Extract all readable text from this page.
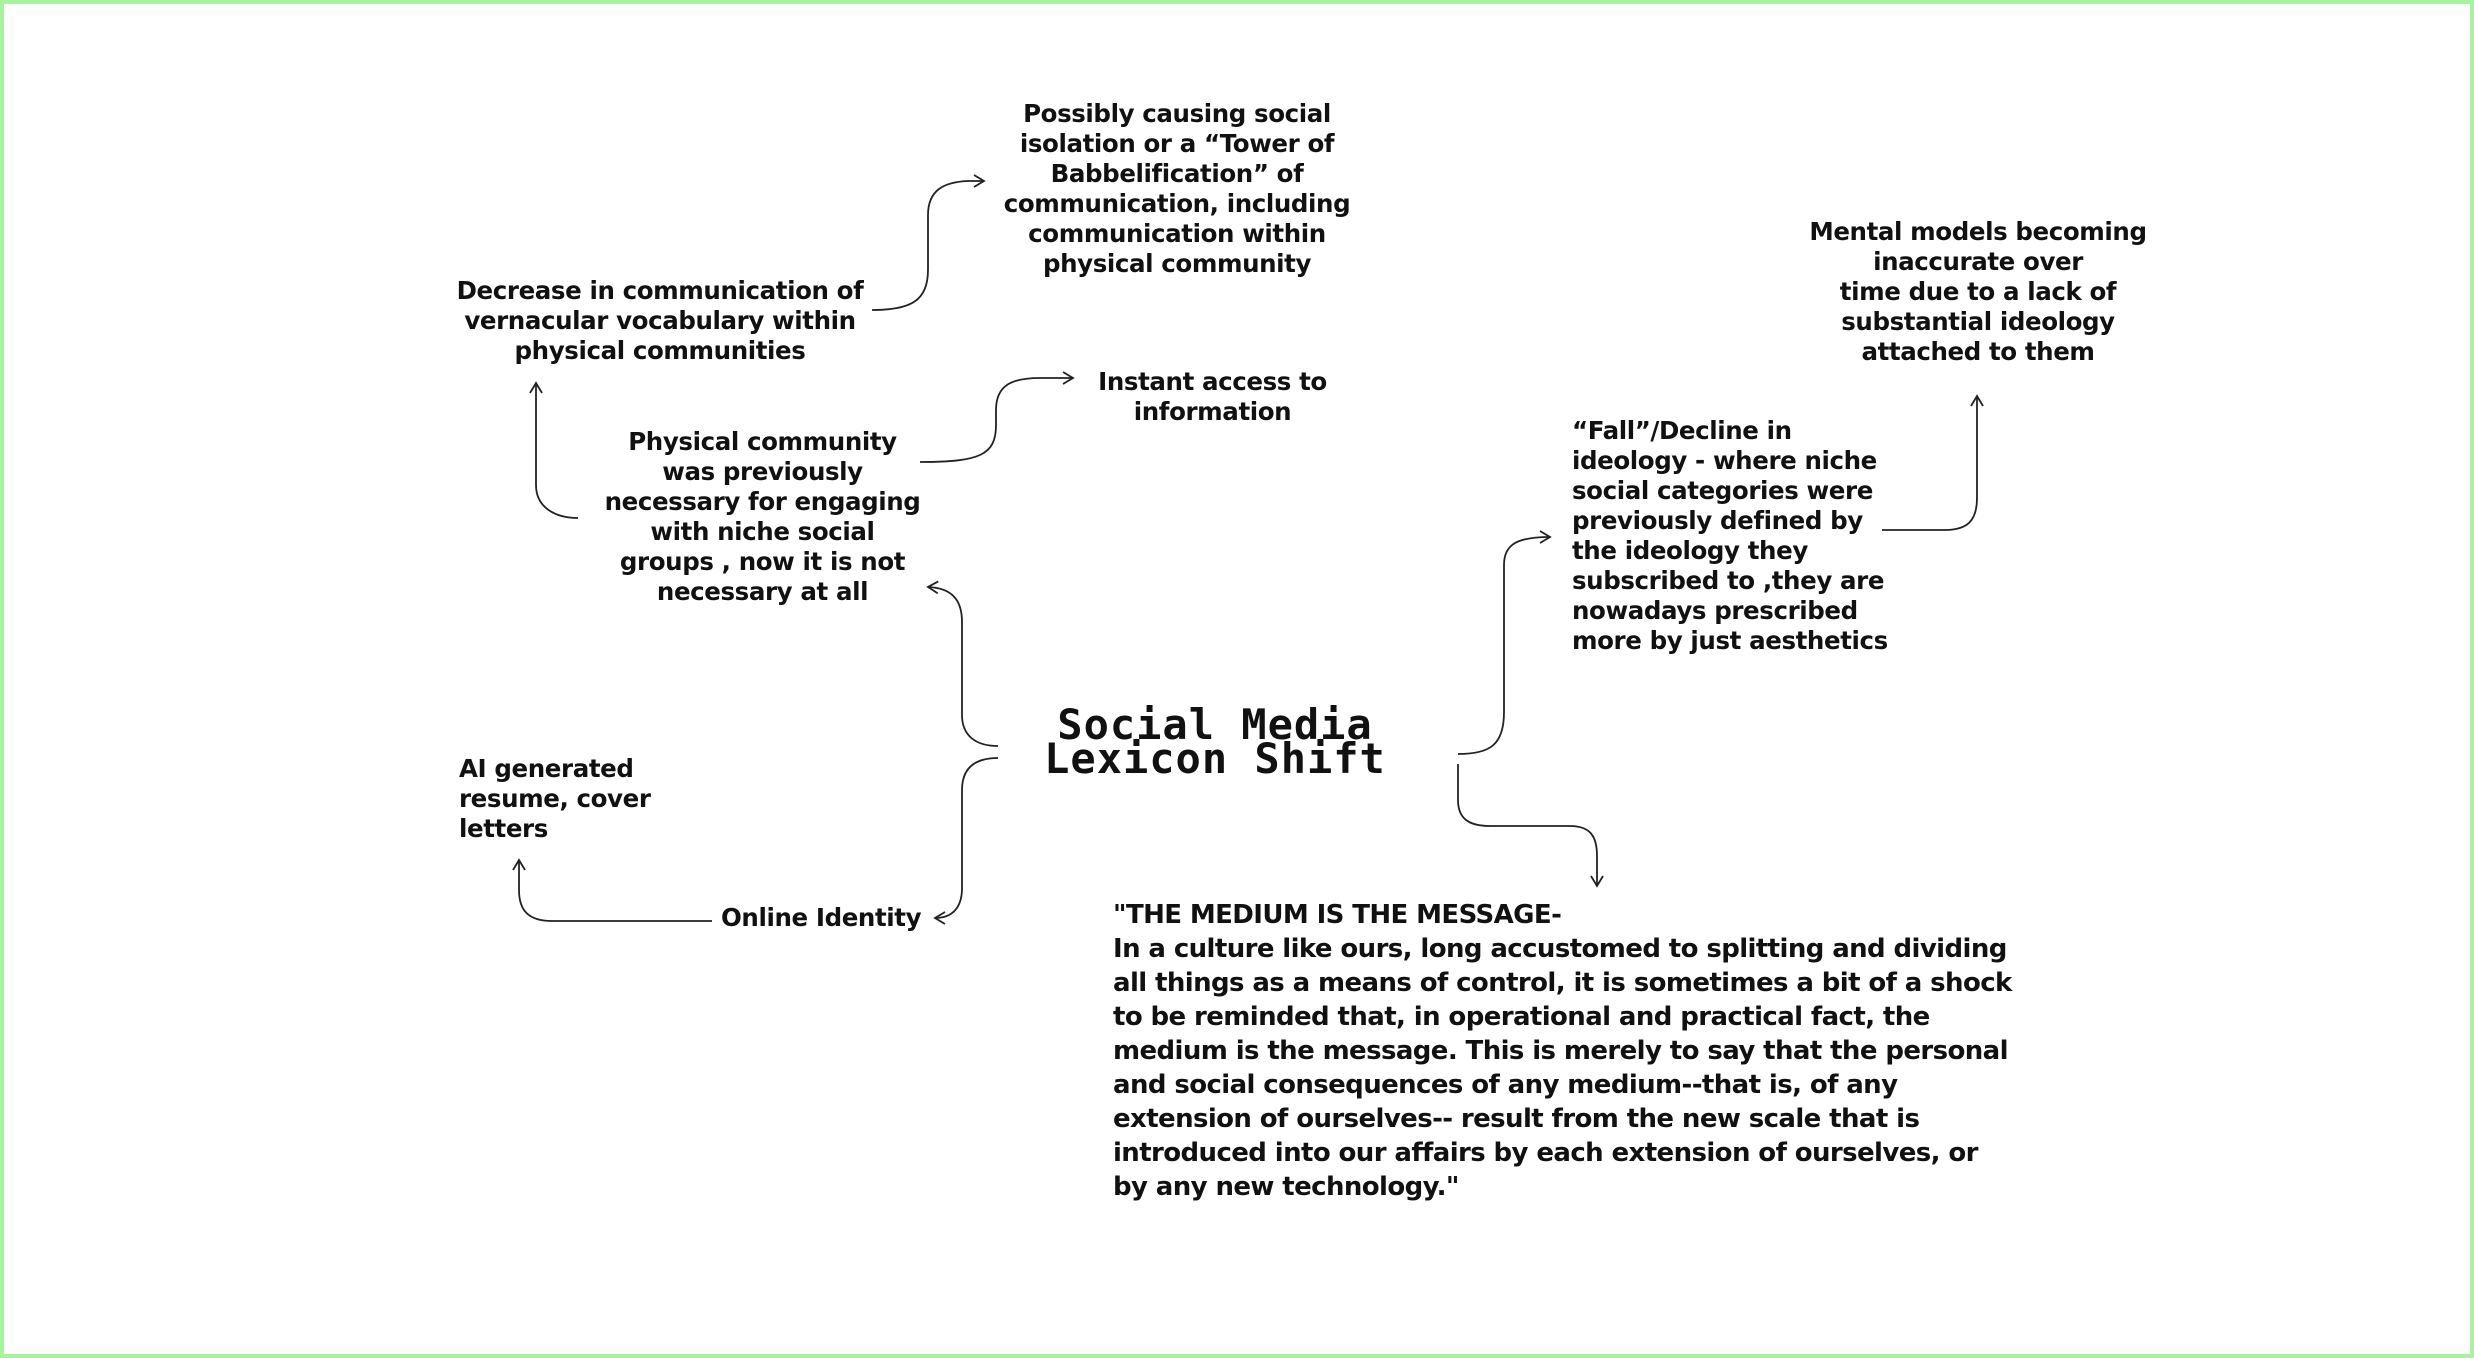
Social Media
Lexicon Shift
Decrease in communication of
vernacular vocabulary within
physical communities
Possibly causing social
isolation or a “Tower of
Babbelification” of
communication, including
communication within
physical community
Instant access to
information
Physical community
was previously
necessary for engaging
with niche social
groups , now it is not
necessary at all
AI generated
resume, cover
letters
Online Identity
Mental models becoming
inaccurate over
time due to a lack of
substantial ideology
attached to them
“Fall”/Decline in
ideology - where niche
social categories were
previously defined by
the ideology they
subscribed to ,they are
nowadays prescribed
more by just aesthetics
"THE MEDIUM IS THE MESSAGE-
In a culture like ours, long accustomed to splitting and dividing all things as a means of control, it is sometimes a bit of a shock to be reminded that, in operational and practical fact, the medium is the message. This is merely to say that the personal and social consequences of any medium--that is, of any extension of ourselves-- result from the new scale that is introduced into our affairs by each extension of ourselves, or by any new technology."
